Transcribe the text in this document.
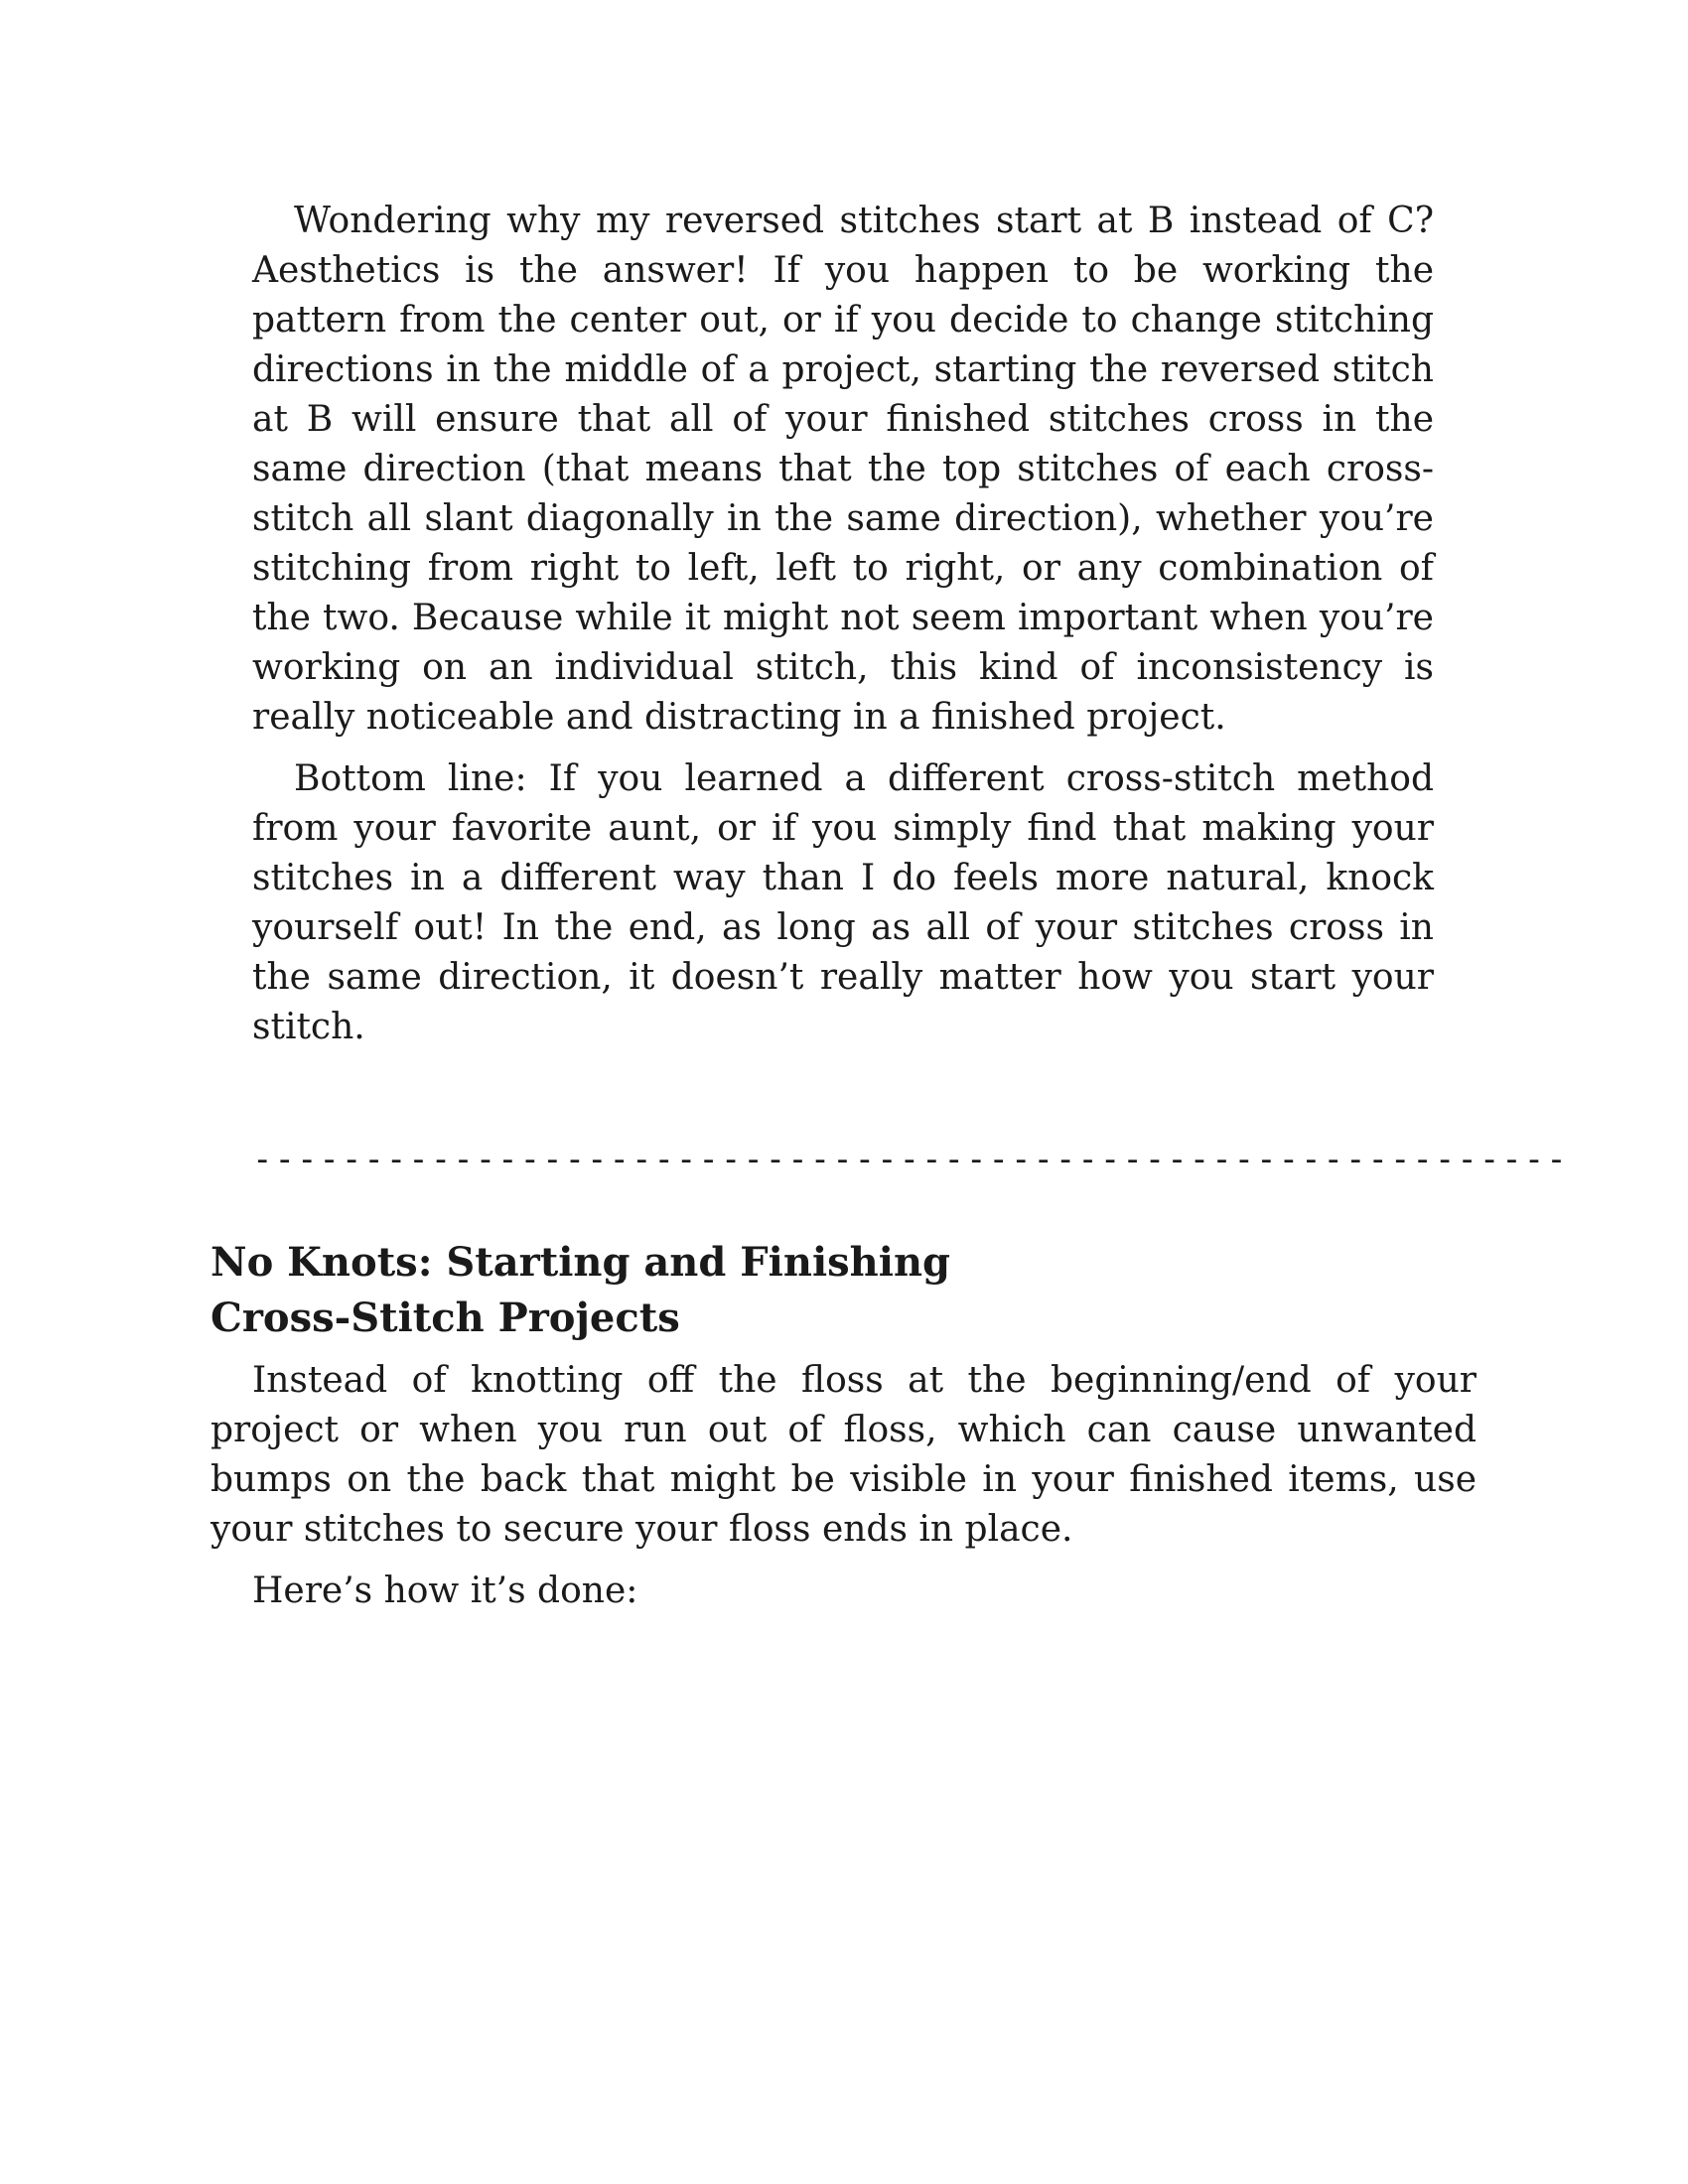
Wondering why my reversed stitches start at B instead of C? Aesthetics is the answer! If you happen to be working the pattern from the center out, or if you decide to change stitching directions in the middle of a project, starting the reversed stitch at B will ensure that all of your finished stitches cross in the same direction (that means that the top stitches of each cross-stitch all slant diagonally in the same direction), whether you’re stitching from right to left, left to right, or any combination of the two. Because while it might not seem important when you’re working on an individual stitch, this kind of inconsistency is really noticeable and distracting in a finished project.

Bottom line: If you learned a different cross-stitch method from your favorite aunt, or if you simply find that making your stitches in a different way than I do feels more natural, knock yourself out! In the end, as long as all of your stitches cross in the same direction, it doesn’t really matter how you start your stitch.

-----------------------------------------------------------
No Knots: Starting and Finishing
Cross-Stitch Projects

Instead of knotting off the floss at the beginning/end of your project or when you run out of floss, which can cause unwanted bumps on the back that might be visible in your finished items, use your stitches to secure your floss ends in place.

Here’s how it’s done:
